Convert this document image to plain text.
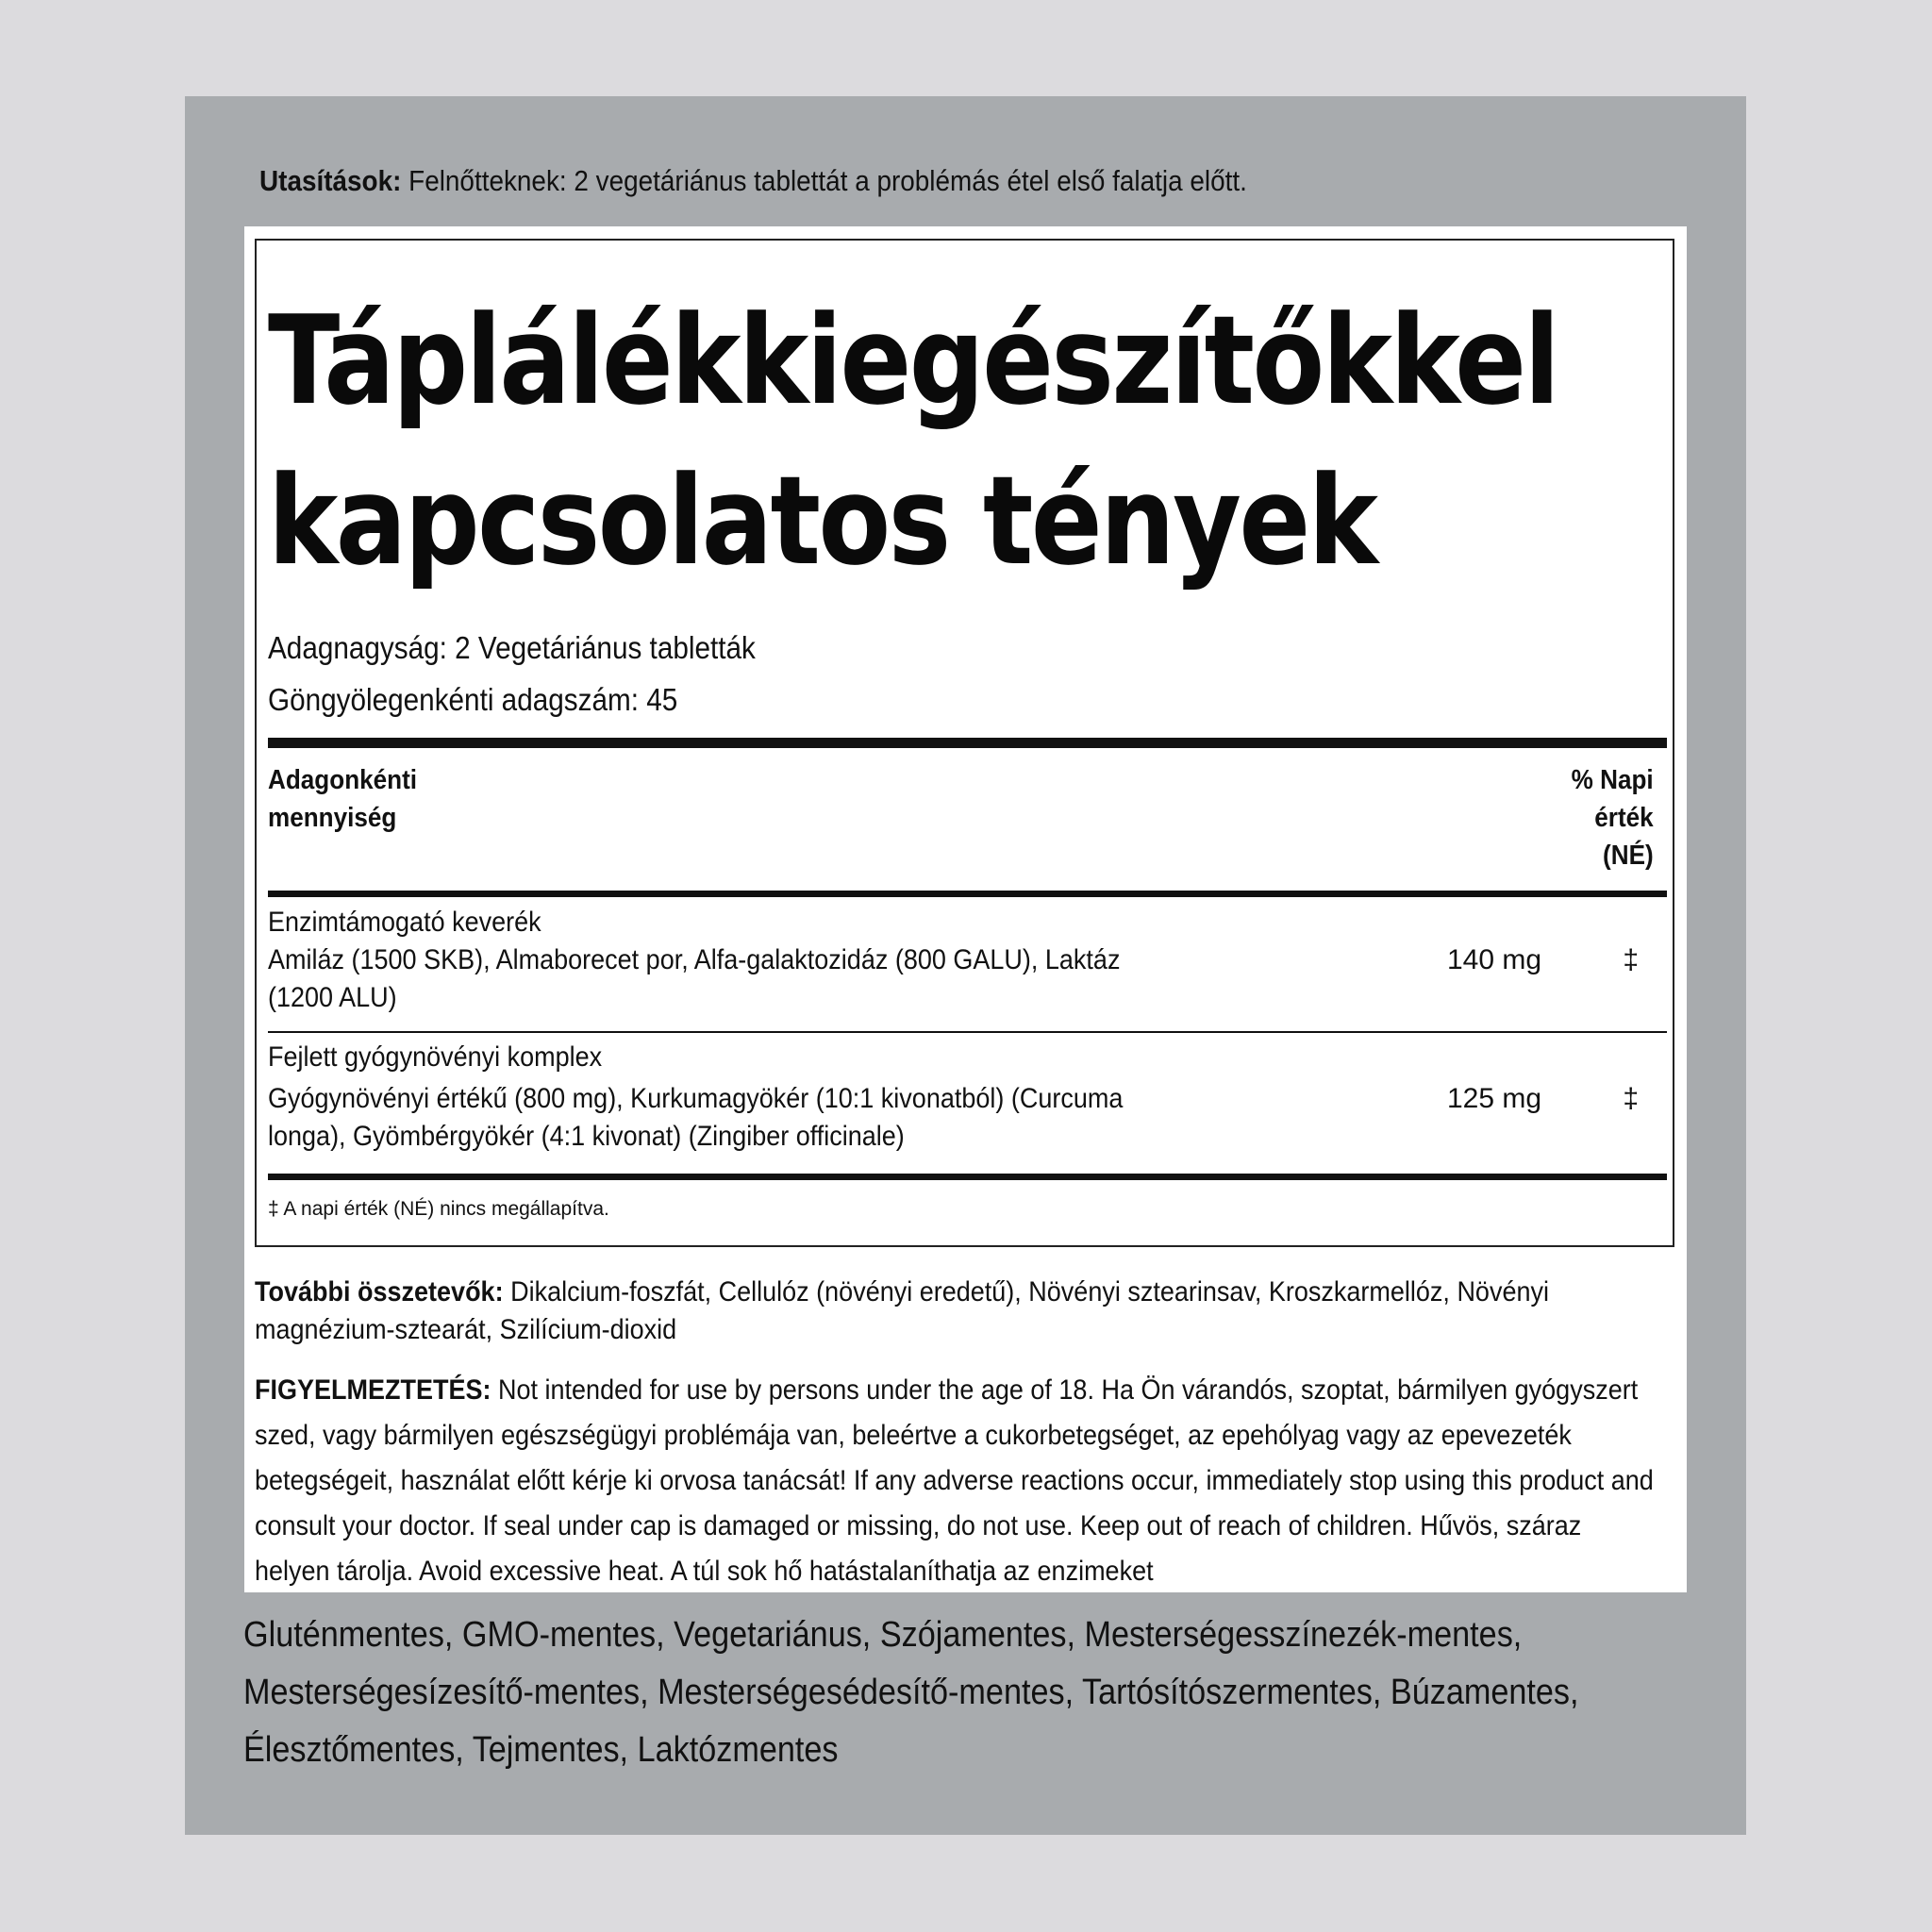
Utasítások: Felnőtteknek: 2 vegetáriánus tablettát a problémás étel első falatja előtt.
Táplálékkiegészítőkkel
kapcsolatos tények
Adagnagyság: 2 Vegetáriánus tabletták
Göngyölegenkénti adagszám: 45
Adagonkénti
mennyiség
% Napi
érték
(NÉ)
Enzimtámogató keverék
Amiláz (1500 SKB), Almaborecet por, Alfa-galaktozidáz (800 GALU), Laktáz (1200 ALU)
140 mg	‡
Fejlett gyógynövényi komplex
Gyógynövényi értékű (800 mg), Kurkumagyökér (10:1 kivonatból) (Curcuma longa), Gyömbérgyökér (4:1 kivonat) (Zingiber officinale)
125 mg	‡
‡ A napi érték (NÉ) nincs megállapítva.
További összetevők: Dikalcium-foszfát, Cellulóz (növényi eredetű), Növényi sztearinsav, Kroszkarmellóz, Növényi magnézium-sztearát, Szilícium-dioxid
FIGYELMEZTETÉS: Not intended for use by persons under the age of 18. Ha Ön várandós, szoptat, bármilyen gyógyszert szed, vagy bármilyen egészségügyi problémája van, beleértve a cukorbetegséget, az epehólyag vagy az epevezeték betegségeit, használat előtt kérje ki orvosa tanácsát! If any adverse reactions occur, immediately stop using this product and consult your doctor. If seal under cap is damaged or missing, do not use. Keep out of reach of children. Hűvös, száraz helyen tárolja. Avoid excessive heat. A túl sok hő hatástalaníthatja az enzimeket
Gluténmentes, GMO-mentes, Vegetariánus, Szójamentes, Mesterségesszínezék-mentes, Mesterségesízesítő-mentes, Mesterségesédesítő-mentes, Tartósítószermentes, Búzamentes, Élesztőmentes, Tejmentes, Laktózmentes
